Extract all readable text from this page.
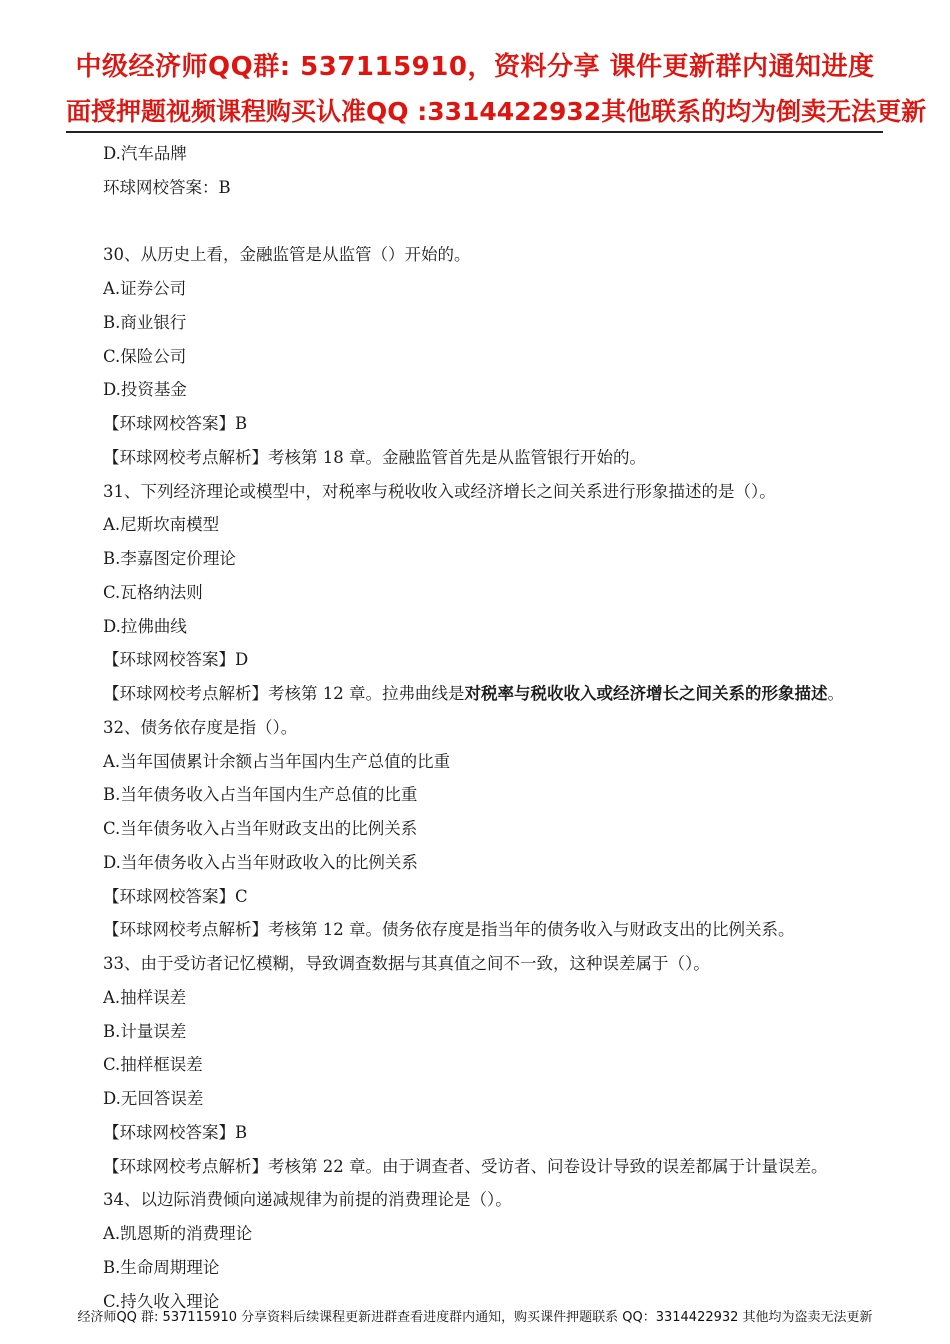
中级经济师QQ群: 537115910，资料分享 课件更新群内通知进度
面授押题视频课程购买认准QQ :3314422932其他联系的均为倒卖无法更新
D.汽车品牌
环球网校答案：B
30、从历史上看，金融监管是从监管（）开始的。
A.证券公司
B.商业银行
C.保险公司
D.投资基金
【环球网校答案】B
【环球网校考点解析】考核第 18 章。金融监管首先是从监管银行开始的。
31、下列经济理论或模型中，对税率与税收收入或经济增长之间关系进行形象描述的是（）。
A.尼斯坎南模型
B.李嘉图定价理论
C.瓦格纳法则
D.拉佛曲线
【环球网校答案】D
【环球网校考点解析】考核第 12 章。拉弗曲线是对税率与税收收入或经济增长之间关系的形象描述。
32、债务依存度是指（）。
A.当年国债累计余额占当年国内生产总值的比重
B.当年债务收入占当年国内生产总值的比重
C.当年债务收入占当年财政支出的比例关系
D.当年债务收入占当年财政收入的比例关系
【环球网校答案】C
【环球网校考点解析】考核第 12 章。债务依存度是指当年的债务收入与财政支出的比例关系。
33、由于受访者记忆模糊，导致调查数据与其真值之间不一致，这种误差属于（）。
A.抽样误差
B.计量误差
C.抽样框误差
D.无回答误差
【环球网校答案】B
【环球网校考点解析】考核第 22 章。由于调查者、受访者、问卷设计导致的误差都属于计量误差。
34、以边际消费倾向递减规律为前提的消费理论是（）。
A.凯恩斯的消费理论
B.生命周期理论
C.持久收入理论
经济师QQ 群: 537115910 分享资料后续课程更新进群查看进度群内通知，购买课件押题联系 QQ：3314422932 其他均为盗卖无法更新
